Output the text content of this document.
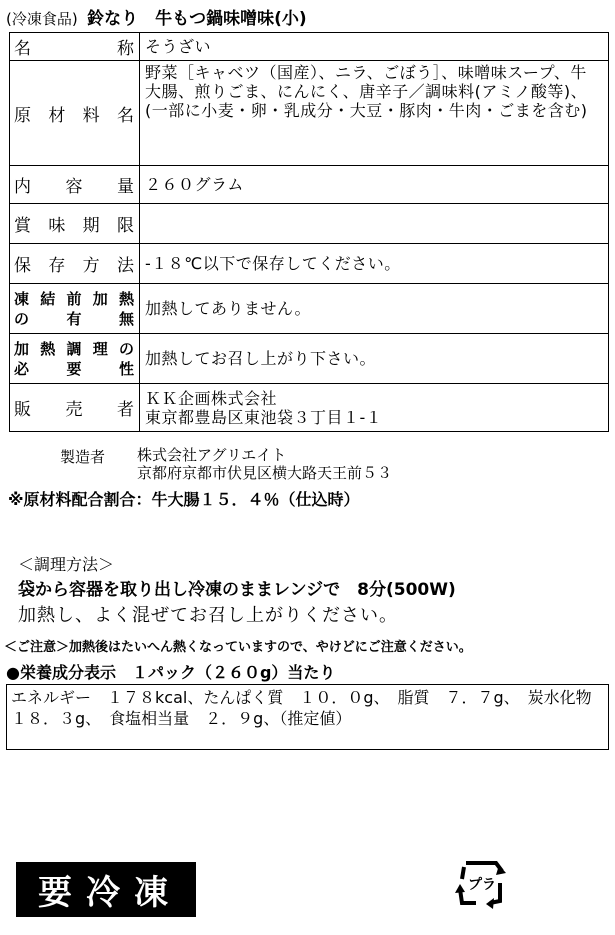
(冷凍食品) 鈴なり　牛もつ鍋味噌味(小)
名称	そうざい
原材料名	野菜［キャベツ（国産）、ニラ、ごぼう］、味噌味スープ、牛大腸、煎りごま、にんにく、唐辛子／調味料(アミノ酸等)、(一部に小麦・卵・乳成分・大豆・豚肉・牛肉・ごまを含む)
内容量	２６０グラム
賞味期限	
保存方法	-１８℃以下で保存してください。

凍結前加熱
の有無	加熱してありません。

加熱調理の
必要性	加熱してお召し上がり下さい。
販売者	ＫＫ企画株式会社
東京都豊島区東池袋３丁目１-１
製造者 株式会社アグリエイト
京都府京都市伏見区横大路天王前５３
※原材料配合割合：牛大腸１５．４％（仕込時）
＜調理方法＞
袋から容器を取り出し冷凍のままレンジで　8分(500W)
加熱し、よく混ぜてお召し上がりください。
＜ご注意＞加熱後はたいへん熱くなっていますので、やけどにご注意ください。
●栄養成分表示　１パック（２６０g）当たり
エネルギー　１７８kcal、たんぱく質　１０．０g、　脂質　７．７g、　炭水化物　１８．３g、　食塩相当量　２．９g、（推定値）
要冷凍	プラ
